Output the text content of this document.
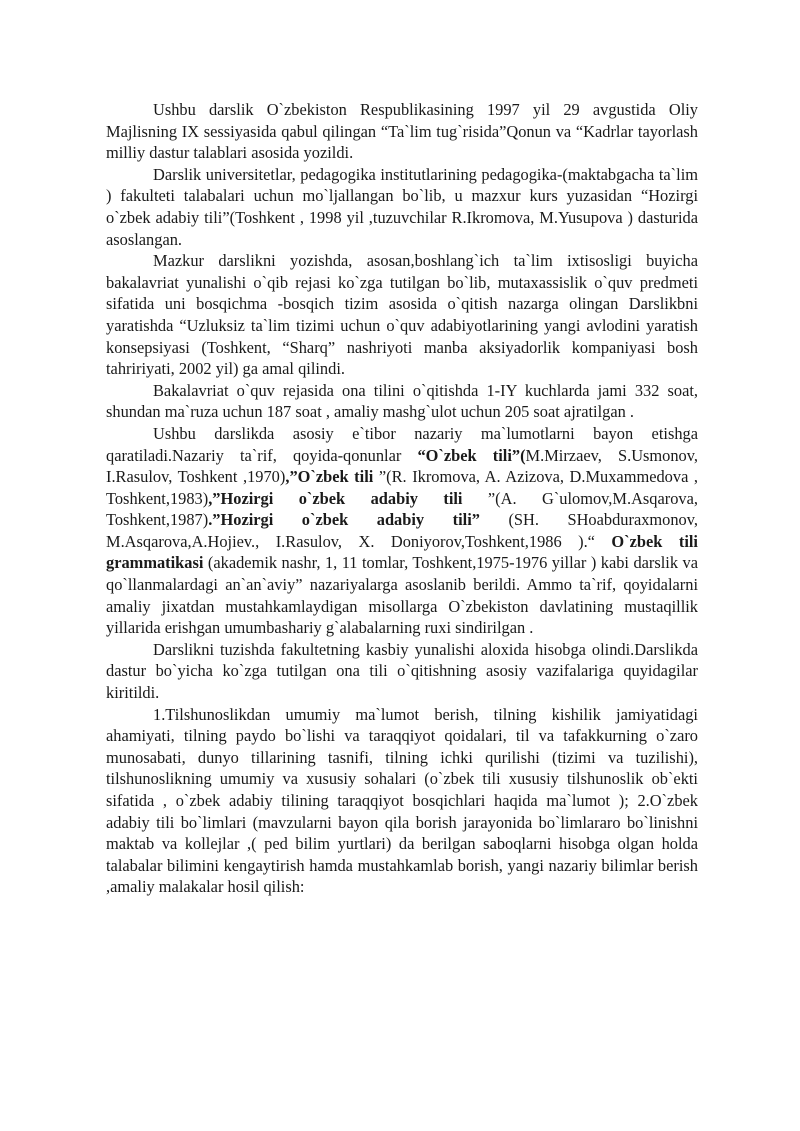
Ushbu darslik O`zbekiston Respublikasining 1997 yil 29 avgustida Oliy Majlisning IX sessiyasida qabul qilingan “Ta`lim tug`risida”Qonun va “Kadrlar tayorlash milliy dastur talablari asosida yozildi.

Darslik universitetlar, pedagogika institutlarining pedagogika-(maktabgacha ta`lim ) fakulteti talabalari uchun mo`ljallangan bo`lib, u mazxur kurs yuzasidan “Hozirgi o`zbek adabiy tili”(Toshkent , 1998 yil ,tuzuvchilar R.Ikromova, M.Yusupova ) dasturida asoslangan.

Mazkur darslikni yozishda, asosan,boshlang`ich ta`lim ixtisosligi buyicha bakalavriat yunalishi o`qib rejasi ko`zga tutilgan bo`lib, mutaxassislik o`quv predmeti sifatida uni bosqichma -bosqich tizim asosida o`qitish nazarga olingan Darslikbni yaratishda “Uzluksiz ta`lim tizimi uchun o`quv adabiyotlarining yangi avlodini yaratish konsepsiyasi (Toshkent, “Sharq” nashriyoti manba aksiyadorlik kompaniyasi bosh tahririyati, 2002 yil) ga amal qilindi.

Bakalavriat o`quv rejasida ona tilini o`qitishda 1-IY kuchlarda jami 332 soat, shundan ma`ruza uchun 187 soat , amaliy mashg`ulot uchun 205 soat ajratilgan .

Ushbu darslikda asosiy e`tibor nazariy ma`lumotlarni bayon etishga qaratiladi.Nazariy ta`rif, qoyida-qonunlar “O`zbek tili”(M.Mirzaev, S.Usmonov, I.Rasulov, Toshkent ,1970),”O`zbek tili ”(R. Ikromova, A. Azizova, D.Muxammedova , Toshkent,1983),”Hozirgi o`zbek adabiy tili ”(A. G`ulomov,M.Asqarova, Toshkent,1987).”Hozirgi o`zbek adabiy tili” (SH. SHoabduraxmonov, M.Asqarova,A.Hojiev., I.Rasulov, X. Doniyorov,Toshkent,1986 ).“ O`zbek tili grammatikasi (akademik nashr, 1, 11 tomlar, Toshkent,1975-1976 yillar ) kabi darslik va qo`llanmalardagi an`an`aviy” nazariyalarga asoslanib berildi. Ammo ta`rif, qoyidalarni amaliy jixatdan mustahkamlaydigan misollarga O`zbekiston davlatining mustaqillik yillarida erishgan umumbashariy g`alabalarning ruxi sindirilgan .

Darslikni tuzishda fakultetning kasbiy yunalishi aloxida hisobga olindi.Darslikda dastur bo`yicha ko`zga tutilgan ona tili o`qitishning asosiy vazifalariga quyidagilar kiritildi.

1.Tilshunoslikdan umumiy ma`lumot berish, tilning kishilik jamiyatidagi ahamiyati, tilning paydo bo`lishi va taraqqiyot qoidalari, til va tafakkurning o`zaro munosabati, dunyo tillarining tasnifi, tilning ichki qurilishi (tizimi va tuzilishi), tilshunoslikning umumiy va xususiy sohalari (o`zbek tili xususiy tilshunoslik ob`ekti sifatida , o`zbek adabiy tilining taraqqiyot bosqichlari haqida ma`lumot ); 2.O`zbek adabiy tili bo`limlari (mavzularni bayon qila borish jarayonida bo`limlararo bo`linishni maktab va kollejlar ,( ped bilim yurtlari) da berilgan saboqlarni hisobga olgan holda talabalar bilimini kengaytirish hamda mustahkamlab borish, yangi nazariy bilimlar berish ,amaliy malakalar hosil qilish:
